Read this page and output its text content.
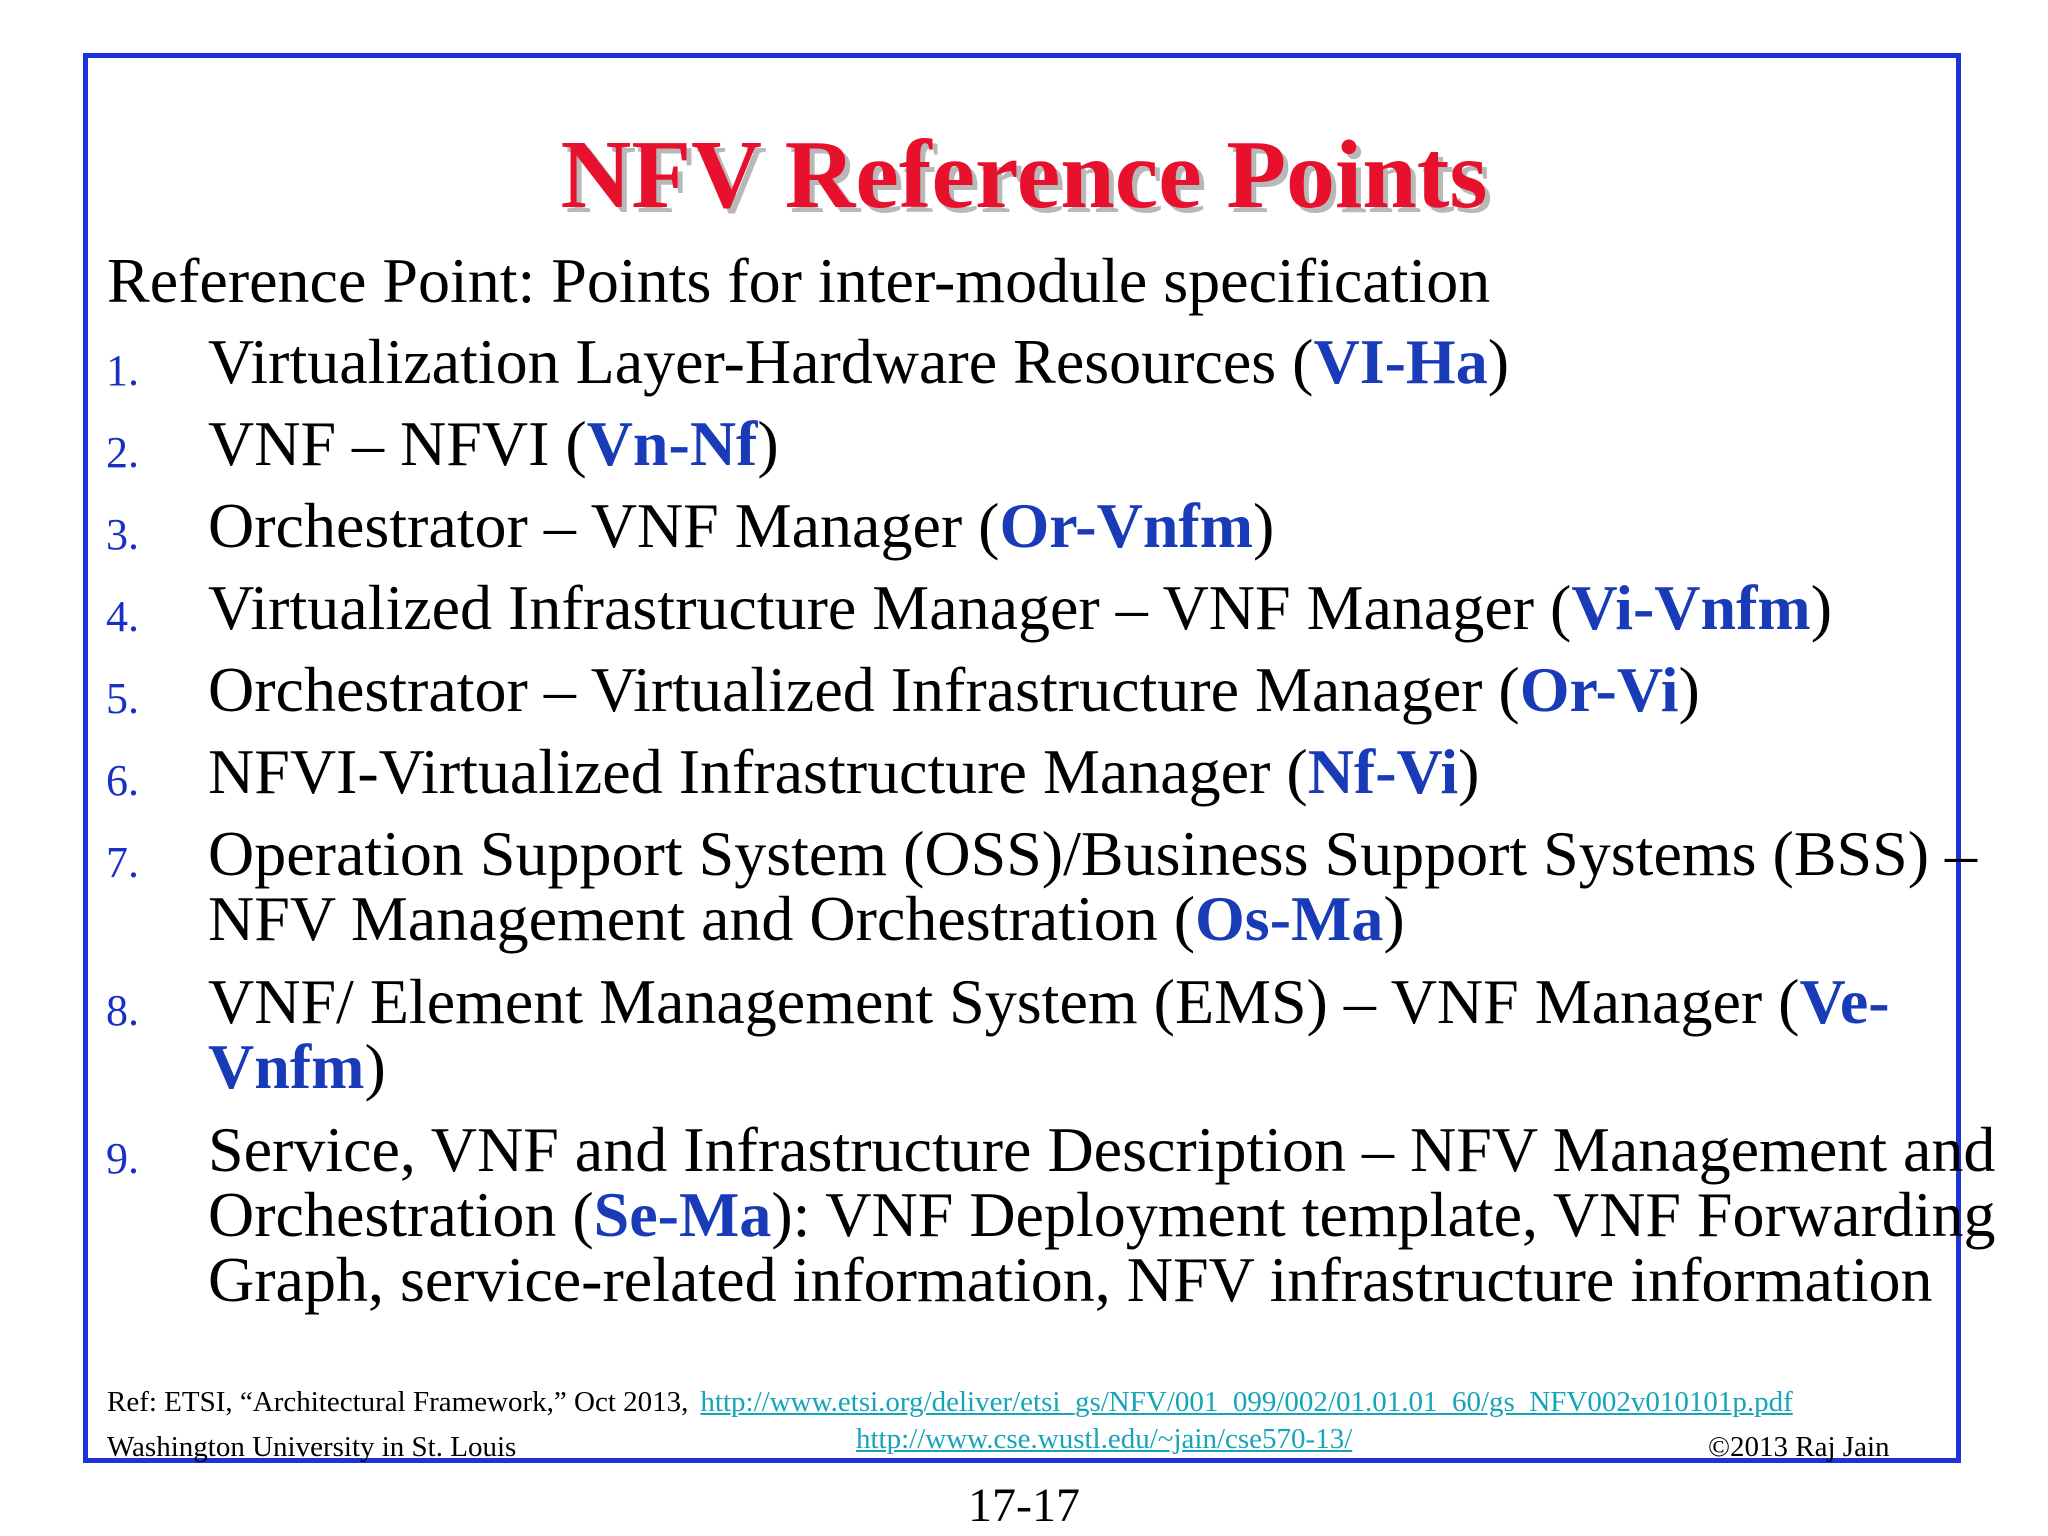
NFV Reference Points
Reference Point: Points for inter-module specification
1. Virtualization Layer-Hardware Resources (VI-Ha)
2. VNF – NFVI (Vn-Nf)
3. Orchestrator – VNF Manager (Or-Vnfm)
4. Virtualized Infrastructure Manager – VNF Manager (Vi-Vnfm)
5. Orchestrator – Virtualized Infrastructure Manager (Or-Vi)
6. NFVI-Virtualized Infrastructure Manager (Nf-Vi)
7. Operation Support System (OSS)/Business Support Systems (BSS) – NFV Management and Orchestration (Os-Ma)
8. VNF/ Element Management System (EMS) – VNF Manager (Ve-Vnfm)
9. Service, VNF and Infrastructure Description – NFV Management and Orchestration (Se-Ma): VNF Deployment template, VNF Forwarding Graph, service-related information, NFV infrastructure information
Ref: ETSI, “Architectural Framework,” Oct 2013, http://www.etsi.org/deliver/etsi_gs/NFV/001_099/002/01.01.01_60/gs_NFV002v010101p.pdf
Washington University in St. Louis	http://www.cse.wustl.edu/~jain/cse570-13/	©2013 Raj Jain
17-17
